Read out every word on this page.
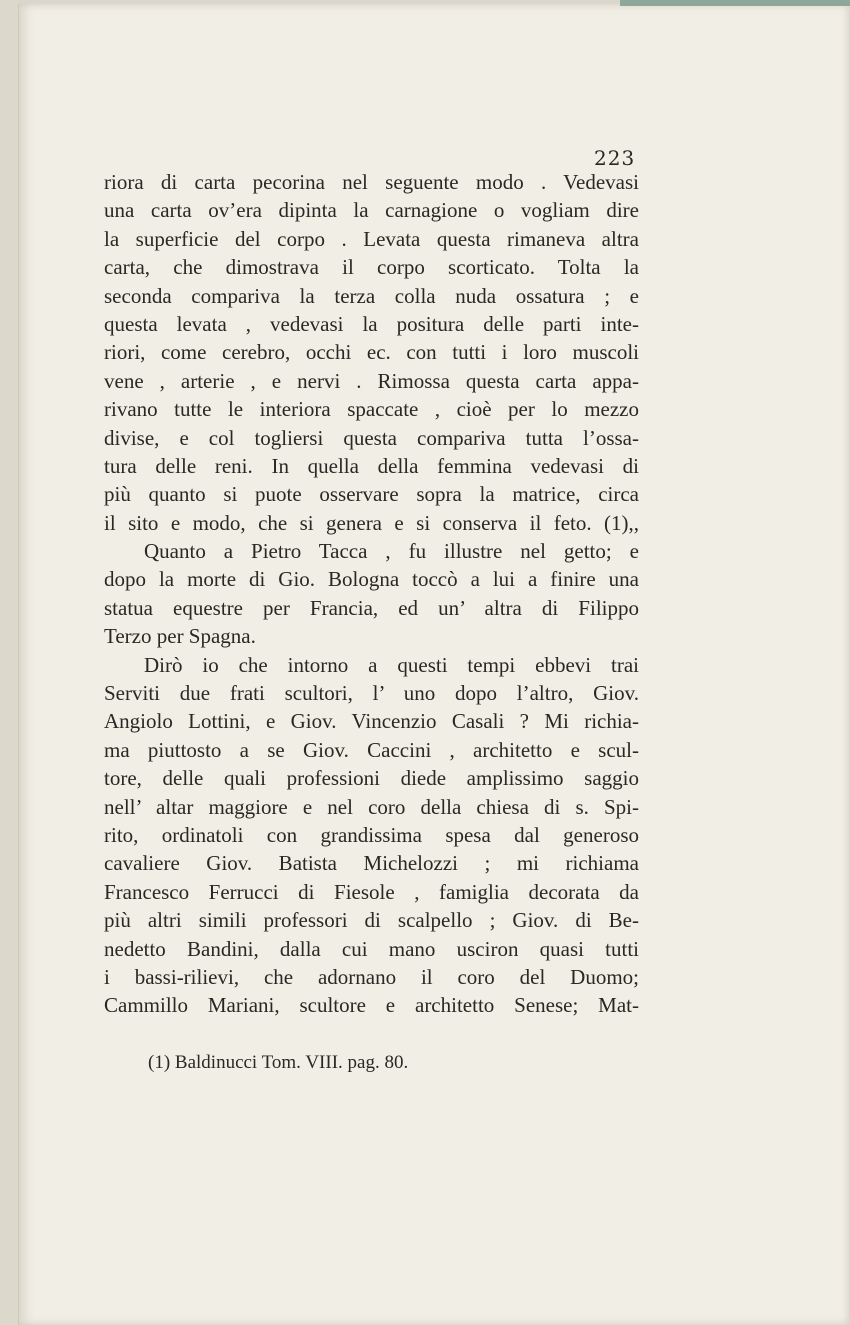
223
riora di carta pecorina nel seguente modo . Vedevasi
una carta ov’era dipinta la carnagione o vogliam dire
la superficie del corpo . Levata questa rimaneva altra
carta, che dimostrava il corpo scorticato. Tolta la
seconda compariva la terza colla nuda ossatura ; e
questa levata , vedevasi la positura delle parti inte-
riori, come cerebro, occhi ec. con tutti i loro muscoli
vene , arterie , e nervi . Rimossa questa carta appa-
rivano tutte le interiora spaccate , cioè per lo mezzo
divise, e col togliersi questa compariva tutta l’ossa-
tura delle reni. In quella della femmina vedevasi di
più quanto si puote osservare sopra la matrice, circa
il sito e modo, che si genera e si conserva il feto. (1),,
Quanto a Pietro Tacca , fu illustre nel getto; e
dopo la morte di Gio. Bologna toccò a lui a finire una
statua equestre per Francia, ed un’ altra di Filippo
Terzo per Spagna.
Dirò io che intorno a questi tempi ebbevi trai
Serviti due frati scultori, l’ uno dopo l’altro, Giov.
Angiolo Lottini, e Giov. Vincenzio Casali ? Mi richia-
ma piuttosto a se Giov. Caccini , architetto e scul-
tore, delle quali professioni diede amplissimo saggio
nell’ altar maggiore e nel coro della chiesa di s. Spi-
rito, ordinatoli con grandissima spesa dal generoso
cavaliere Giov. Batista Michelozzi ; mi richiama
Francesco Ferrucci di Fiesole , famiglia decorata da
più altri simili professori di scalpello ; Giov. di Be-
nedetto Bandini, dalla cui mano usciron quasi tutti
i bassi-rilievi, che adornano il coro del Duomo;
Cammillo Mariani, scultore e architetto Senese; Mat-
(1) Baldinucci Tom. VIII. pag. 80.
